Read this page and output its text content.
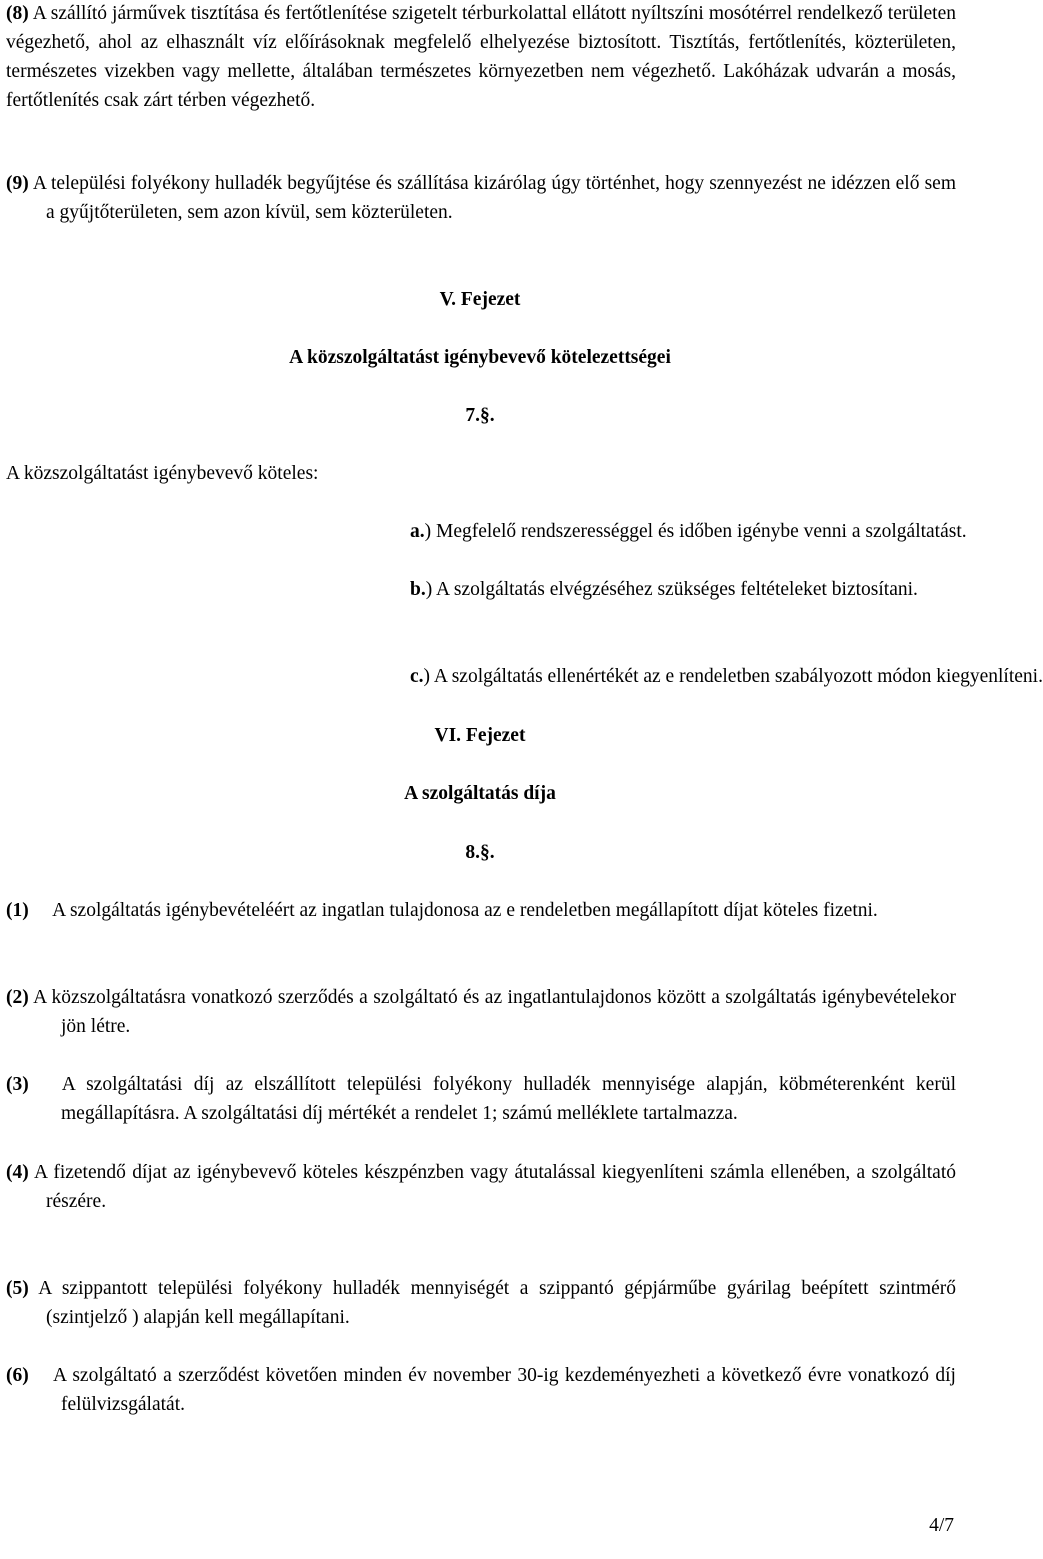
(8) A szállító járművek tisztítása és fertőtlenítése szigetelt térburkolattal ellátott nyíltszíni mosótérrel rendelkező területen végezhető, ahol az elhasznált víz előírásoknak megfelelő elhelyezése biztosított. Tisztítás, fertőtlenítés, közterületen, természetes vizekben vagy mellette, általában természetes környezetben nem végezhető. Lakóházak udvarán a mosás, fertőtlenítés csak zárt térben végezhető.

(9) A települési folyékony hulladék begyűjtése és szállítása kizárólag úgy történhet, hogy szennyezést ne idézzen elő sem a gyűjtőterületen, sem azon kívül, sem közterületen.

V. Fejezet

A közszolgáltatást igénybevevő kötelezettségei

7.§.

A közszolgáltatást igénybevevő köteles:

a.) Megfelelő rendszerességgel és időben igénybe venni a szolgáltatást.

b.) A szolgáltatás elvégzéséhez szükséges feltételeket biztosítani.

c.) A szolgáltatás ellenértékét az e rendeletben szabályozott módon kiegyenlíteni.

VI. Fejezet

A szolgáltatás díja

8.§.

(1) A szolgáltatás igénybevételéért az ingatlan tulajdonosa az e rendeletben megállapított díjat köteles fizetni.

(2) A közszolgáltatásra vonatkozó szerződés a szolgáltató és az ingatlantulajdonos között a szolgáltatás igénybevételekor jön létre.

(3) A szolgáltatási díj az elszállított települési folyékony hulladék mennyisége alapján, köbméterenként kerül megállapításra. A szolgáltatási díj mértékét a rendelet 1; számú melléklete tartalmazza.

(4) A fizetendő díjat az igénybevevő köteles készpénzben vagy átutalással kiegyenlíteni számla ellenében, a szolgáltató részére.

(5) A szippantott települési folyékony hulladék mennyiségét a szippantó gépjárműbe gyárilag beépített szintmérő (szintjelző ) alapján kell megállapítani.

(6) A szolgáltató a szerződést követően minden év november 30-ig kezdeményezheti a következő évre vonatkozó díj felülvizsgálatát.

4/7
